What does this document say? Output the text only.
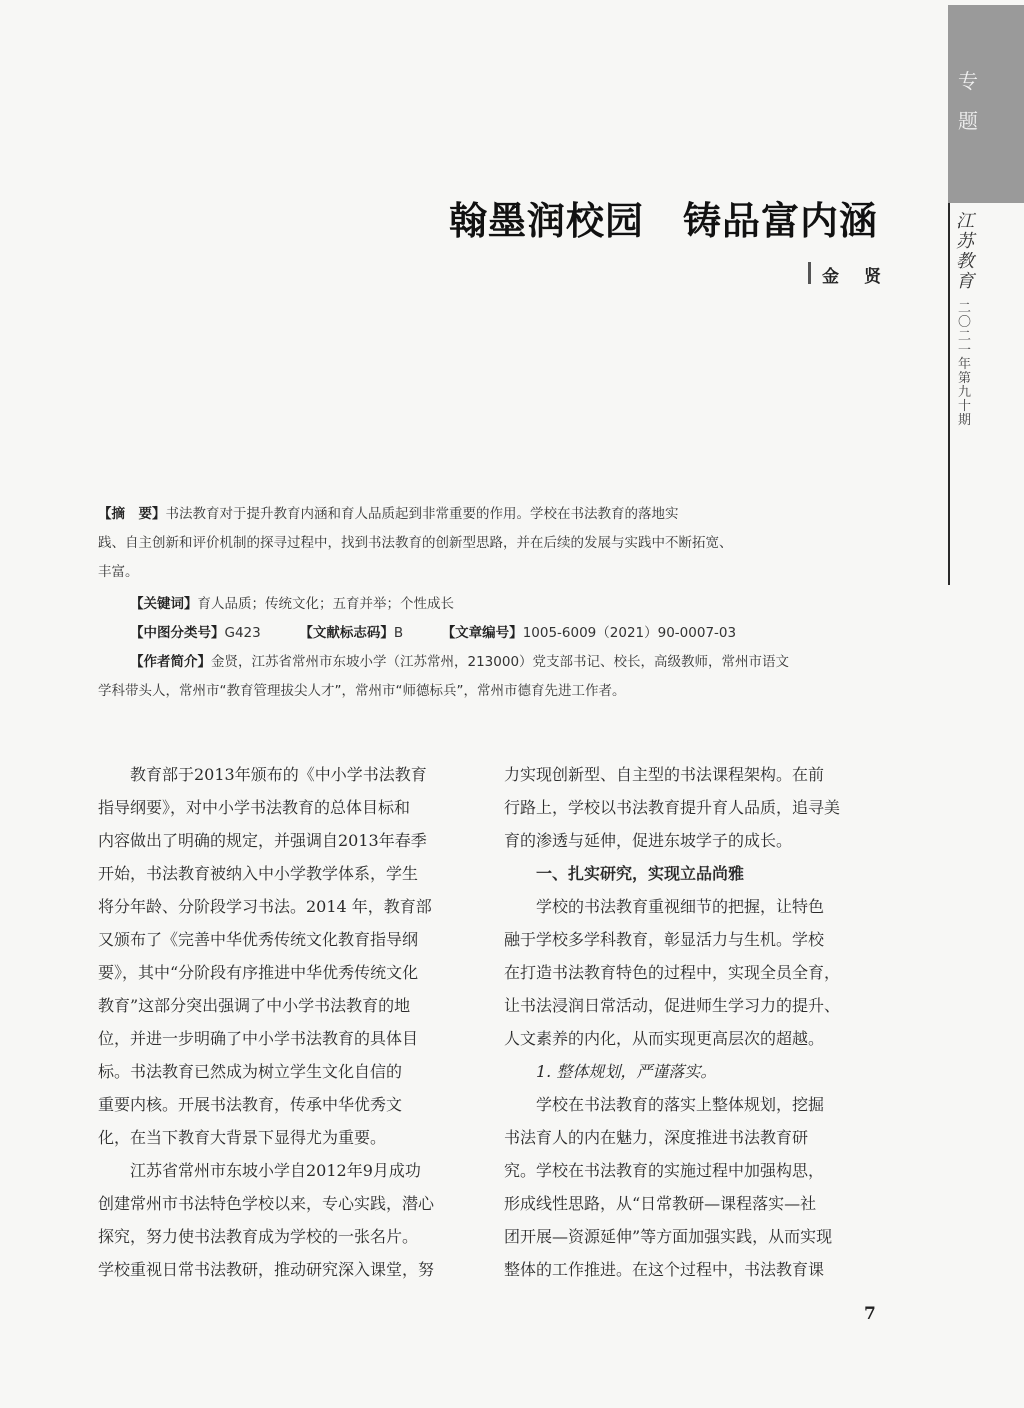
专
题
江
苏
教
育
二
〇
二
一
年
第
九
十
期
翰墨润校园　铸品富内涵
金　贤

【摘　要】书法教育对于提升教育内涵和育人品质起到非常重要的作用。学校在书法教育的落地实

践、自主创新和评价机制的探寻过程中，找到书法教育的创新型思路，并在后续的发展与实践中不断拓宽、

丰富。

【关键词】育人品质；传统文化；五育并举；个性成长

【中图分类号】G423	【文献标志码】B	【文章编号】1005-6009（2021）90-0007-03

【作者简介】金贤，江苏省常州市东坡小学（江苏常州，213000）党支部书记、校长，高级教师，常州市语文

学科带头人，常州市“教育管理拔尖人才”，常州市“师德标兵”，常州市德育先进工作者。

教育部于2013年颁布的《中小学书法教育

指导纲要》，对中小学书法教育的总体目标和

内容做出了明确的规定，并强调自2013年春季

开始，书法教育被纳入中小学教学体系，学生

将分年龄、分阶段学习书法。2014 年，教育部

又颁布了《完善中华优秀传统文化教育指导纲

要》，其中“分阶段有序推进中华优秀传统文化

教育”这部分突出强调了中小学书法教育的地

位，并进一步明确了中小学书法教育的具体目

标。书法教育已然成为树立学生文化自信的

重要内核。开展书法教育，传承中华优秀文

化，在当下教育大背景下显得尤为重要。

江苏省常州市东坡小学自2012年9月成功

创建常州市书法特色学校以来，专心实践，潜心

探究，努力使书法教育成为学校的一张名片。

学校重视日常书法教研，推动研究深入课堂，努

力实现创新型、自主型的书法课程架构。在前

行路上，学校以书法教育提升育人品质，追寻美

育的渗透与延伸，促进东坡学子的成长。

一、扎实研究，实现立品尚雅

学校的书法教育重视细节的把握，让特色

融于学校多学科教育，彰显活力与生机。学校

在打造书法教育特色的过程中，实现全员全育，

让书法浸润日常活动，促进师生学习力的提升、

人文素养的内化，从而实现更高层次的超越。

1. 整体规划，严谨落实。

学校在书法教育的落实上整体规划，挖掘

书法育人的内在魅力，深度推进书法教育研

究。学校在书法教育的实施过程中加强构思，

形成线性思路，从“日常教研—课程落实—社

团开展—资源延伸”等方面加强实践，从而实现

整体的工作推进。在这个过程中，书法教育课

7
